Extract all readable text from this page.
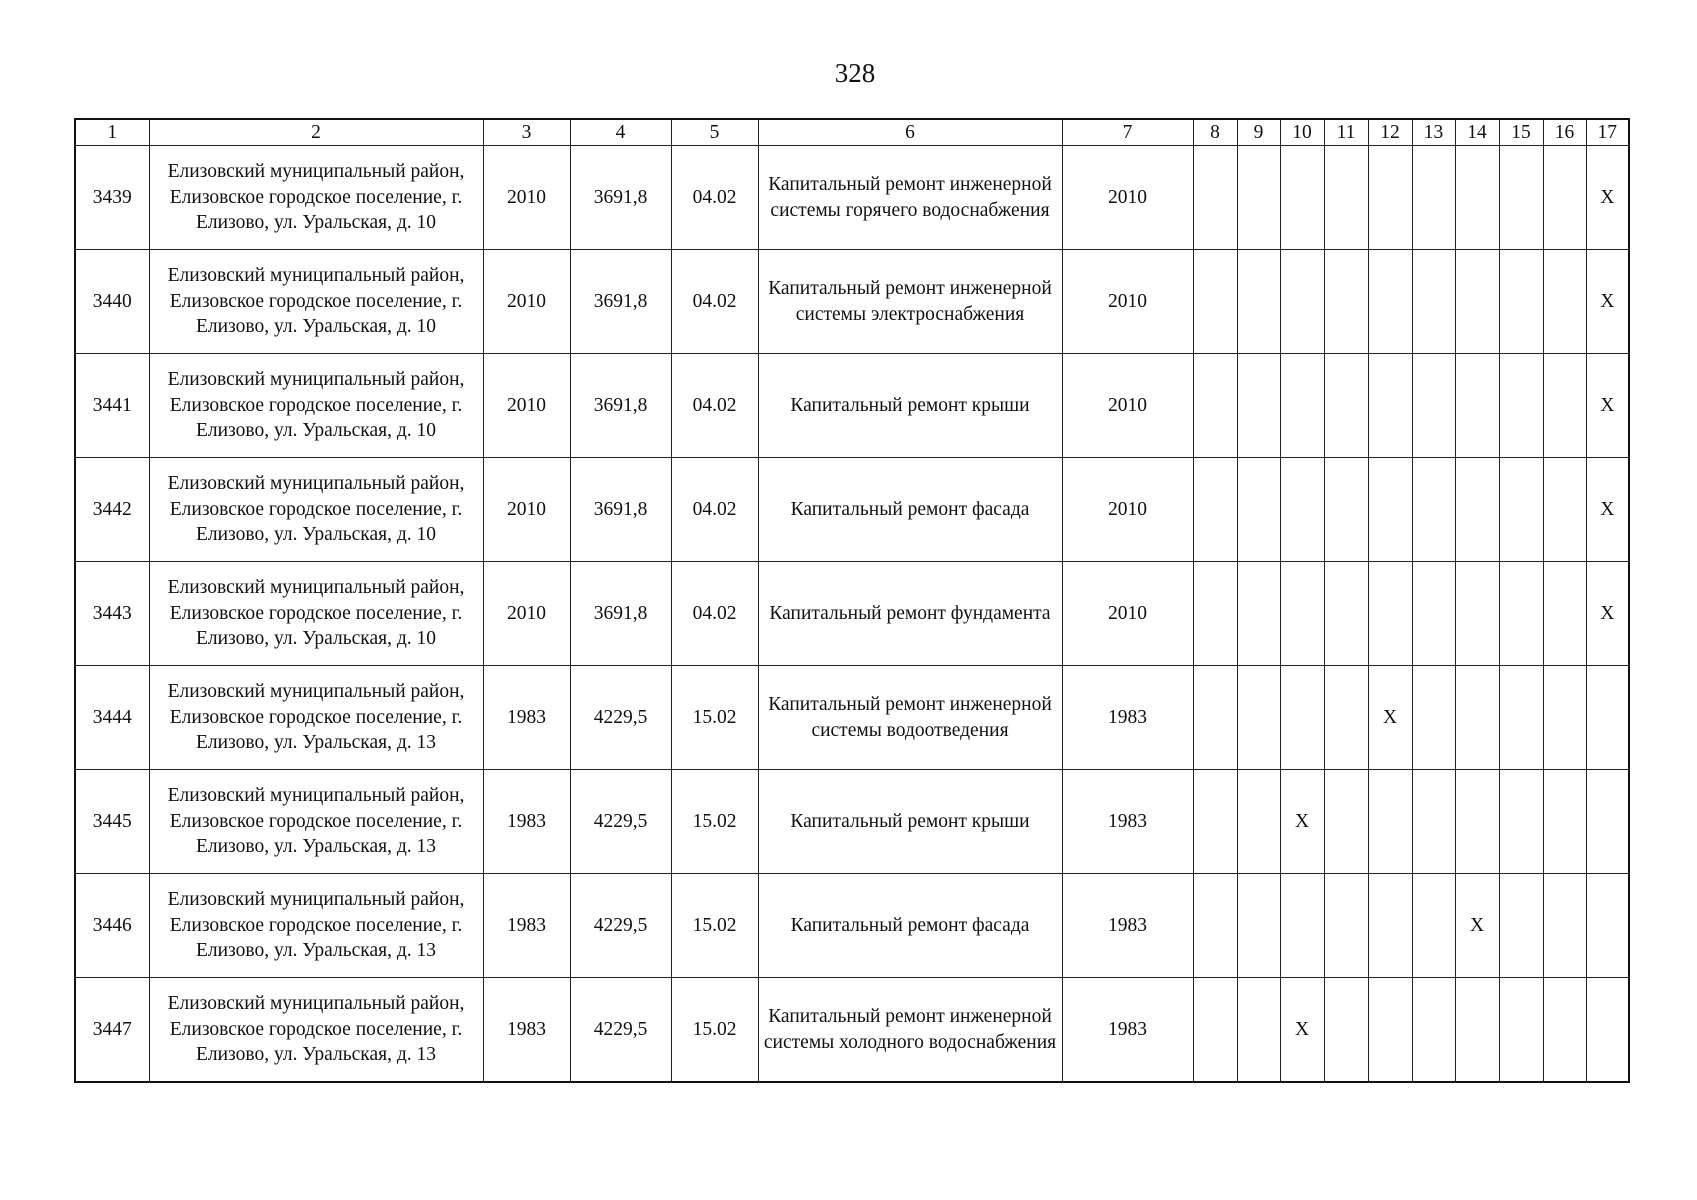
328
1	2	3	4	5	6	7	8	9	10	11	12	13	14	15	16	17
3439	Елизовский муниципальный район, Елизовское городское поселение, г. Елизово, ул. Уральская, д. 10	2010	3691,8	04.02	Капитальный ремонт инженерной системы горячего водоснабжения	2010										X
3440	Елизовский муниципальный район, Елизовское городское поселение, г. Елизово, ул. Уральская, д. 10	2010	3691,8	04.02	Капитальный ремонт инженерной системы электроснабжения	2010										X
3441	Елизовский муниципальный район, Елизовское городское поселение, г. Елизово, ул. Уральская, д. 10	2010	3691,8	04.02	Капитальный ремонт крыши	2010										X
3442	Елизовский муниципальный район, Елизовское городское поселение, г. Елизово, ул. Уральская, д. 10	2010	3691,8	04.02	Капитальный ремонт фасада	2010										X
3443	Елизовский муниципальный район, Елизовское городское поселение, г. Елизово, ул. Уральская, д. 10	2010	3691,8	04.02	Капитальный ремонт фундамента	2010										X
3444	Елизовский муниципальный район, Елизовское городское поселение, г. Елизово, ул. Уральская, д. 13	1983	4229,5	15.02	Капитальный ремонт инженерной системы водоотведения	1983					X					
3445	Елизовский муниципальный район, Елизовское городское поселение, г. Елизово, ул. Уральская, д. 13	1983	4229,5	15.02	Капитальный ремонт крыши	1983			X							
3446	Елизовский муниципальный район, Елизовское городское поселение, г. Елизово, ул. Уральская, д. 13	1983	4229,5	15.02	Капитальный ремонт фасада	1983							X			
3447	Елизовский муниципальный район, Елизовское городское поселение, г. Елизово, ул. Уральская, д. 13	1983	4229,5	15.02	Капитальный ремонт инженерной системы холодного водоснабжения	1983			X							
